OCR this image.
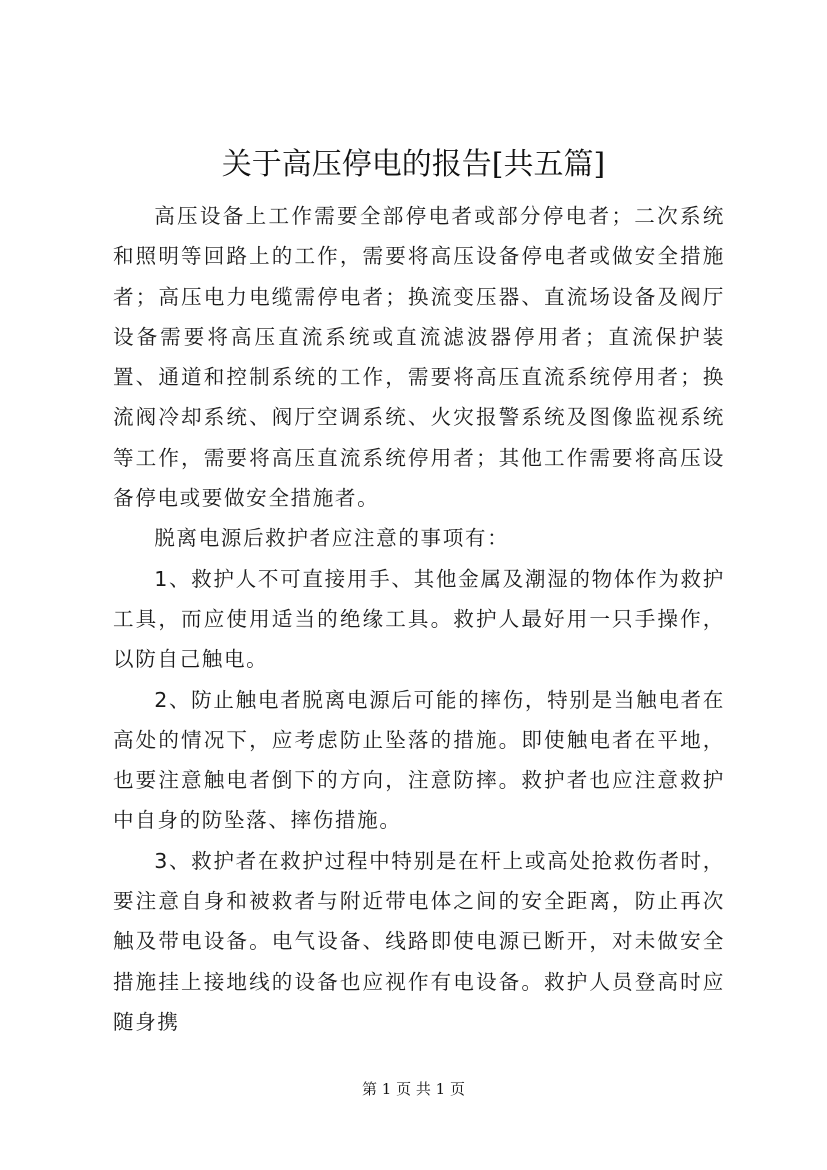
关于高压停电的报告[共五篇]

高压设备上工作需要全部停电者或部分停电者；二次系统和照明等回路上的工作，需要将高压设备停电者或做安全措施者；高压电力电缆需停电者；换流变压器、直流场设备及阀厅设备需要将高压直流系统或直流滤波器停用者；直流保护装置、通道和控制系统的工作，需要将高压直流系统停用者；换流阀冷却系统、阀厅空调系统、火灾报警系统及图像监视系统等工作，需要将高压直流系统停用者；其他工作需要将高压设备停电或要做安全措施者。

脱离电源后救护者应注意的事项有：

1、救护人不可直接用手、其他金属及潮湿的物体作为救护工具，而应使用适当的绝缘工具。救护人最好用一只手操作，以防自己触电。

2、防止触电者脱离电源后可能的摔伤，特别是当触电者在高处的情况下，应考虑防止坠落的措施。即使触电者在平地，也要注意触电者倒下的方向，注意防摔。救护者也应注意救护中自身的防坠落、摔伤措施。

3、救护者在救护过程中特别是在杆上或高处抢救伤者时，要注意自身和被救者与附近带电体之间的安全距离，防止再次触及带电设备。电气设备、线路即使电源已断开，对未做安全措施挂上接地线的设备也应视作有电设备。救护人员登高时应随身携

第 1 页 共 1 页
